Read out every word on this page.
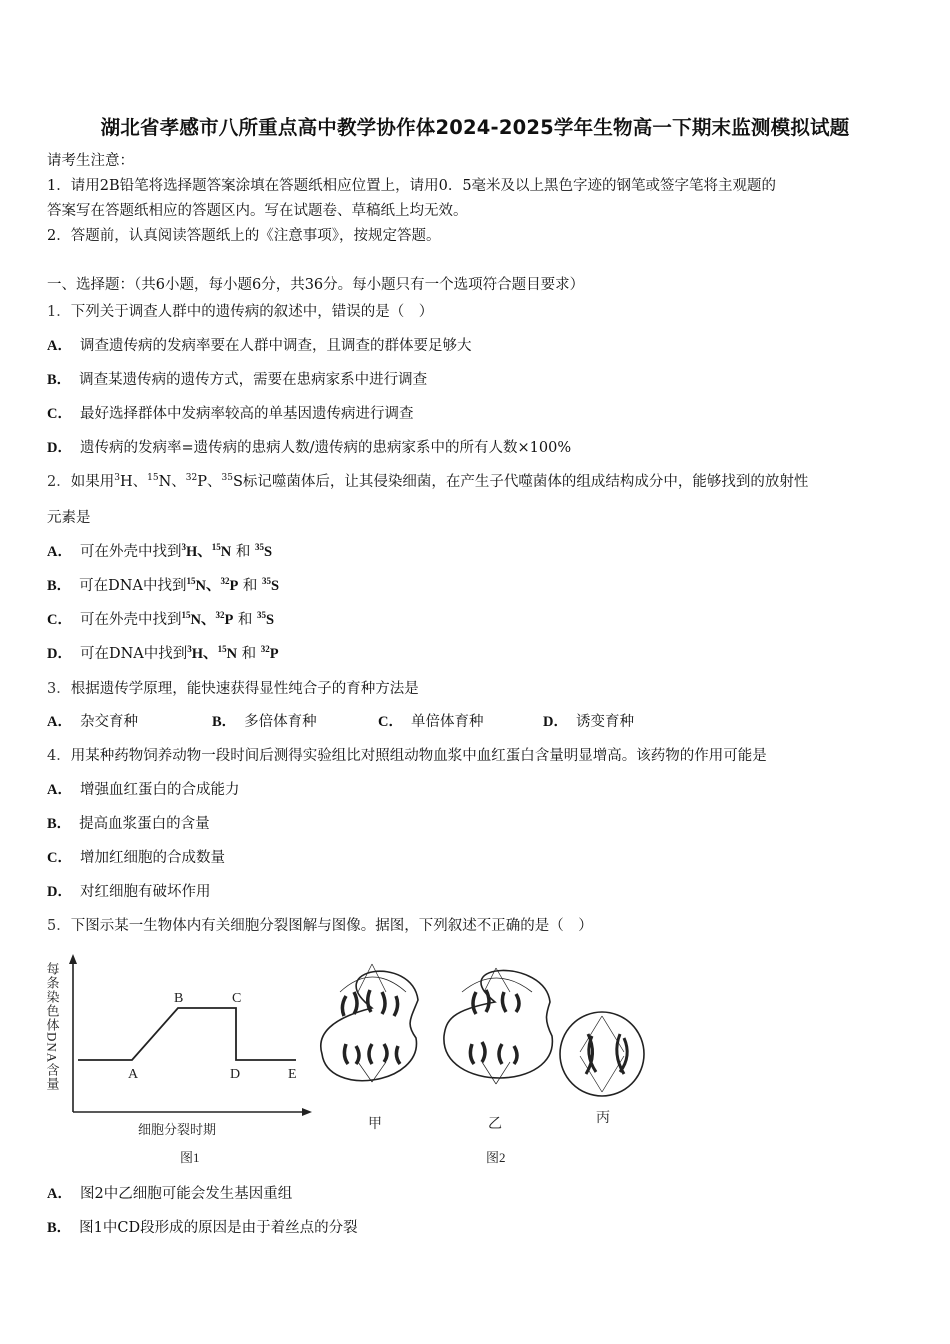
湖北省孝感市八所重点高中教学协作体2024-2025学年生物高一下期末监测模拟试题
请考生注意：
1．请用2B铅笔将选择题答案涂填在答题纸相应位置上，请用0．5毫米及以上黑色字迹的钢笔或签字笔将主观题的
答案写在答题纸相应的答题区内。写在试题卷、草稿纸上均无效。
2．答题前，认真阅读答题纸上的《注意事项》，按规定答题。
一、选择题：（共6小题，每小题6分，共36分。每小题只有一个选项符合题目要求）
1．下列关于调查人群中的遗传病的叙述中，错误的是（　）
A． 调查遗传病的发病率要在人群中调查，且调查的群体要足够大
B． 调查某遗传病的遗传方式，需要在患病家系中进行调查
C． 最好选择群体中发病率较高的单基因遗传病进行调查
D． 遗传病的发病率=遗传病的患病人数/遗传病的患病家系中的所有人数×100%
2．如果用$^3$H、$^{15}$N、$^{32}$P、$^{35}$S标记噬菌体后，让其侵染细菌，在产生子代噬菌体的组成结构成分中，能够找到的放射性
元素是
A． 可在外壳中找到$^3$H、$^{15}$N 和 $^{35}$S
B． 可在DNA中找到$^{15}$N、$^{32}$P 和 $^{35}$S
C． 可在外壳中找到$^{15}$N、$^{32}$P 和 $^{35}$S
D． 可在DNA中找到$^3$H、$^{15}$N 和 $^{32}$P
3．根据遗传学原理，能快速获得显性纯合子的育种方法是
A． 杂交育种	B． 多倍体育种	C． 单倍体育种	D． 诱变育种
4．用某种药物饲养动物一段时间后测得实验组比对照组动物血浆中血红蛋白含量明显增高。该药物的作用可能是
A． 增强血红蛋白的合成能力
B． 提高血浆蛋白的含量
C． 增加红细胞的合成数量
D． 对红细胞有破坏作用
5．下图示某一生物体内有关细胞分裂图解与图像。据图，下列叙述不正确的是（　）
每条染色体DNA含量	A
B	C
D	E
细胞分裂时期
图1
甲	乙	丙
图2
A． 图2中乙细胞可能会发生基因重组
B． 图1中CD段形成的原因是由于着丝点的分裂
